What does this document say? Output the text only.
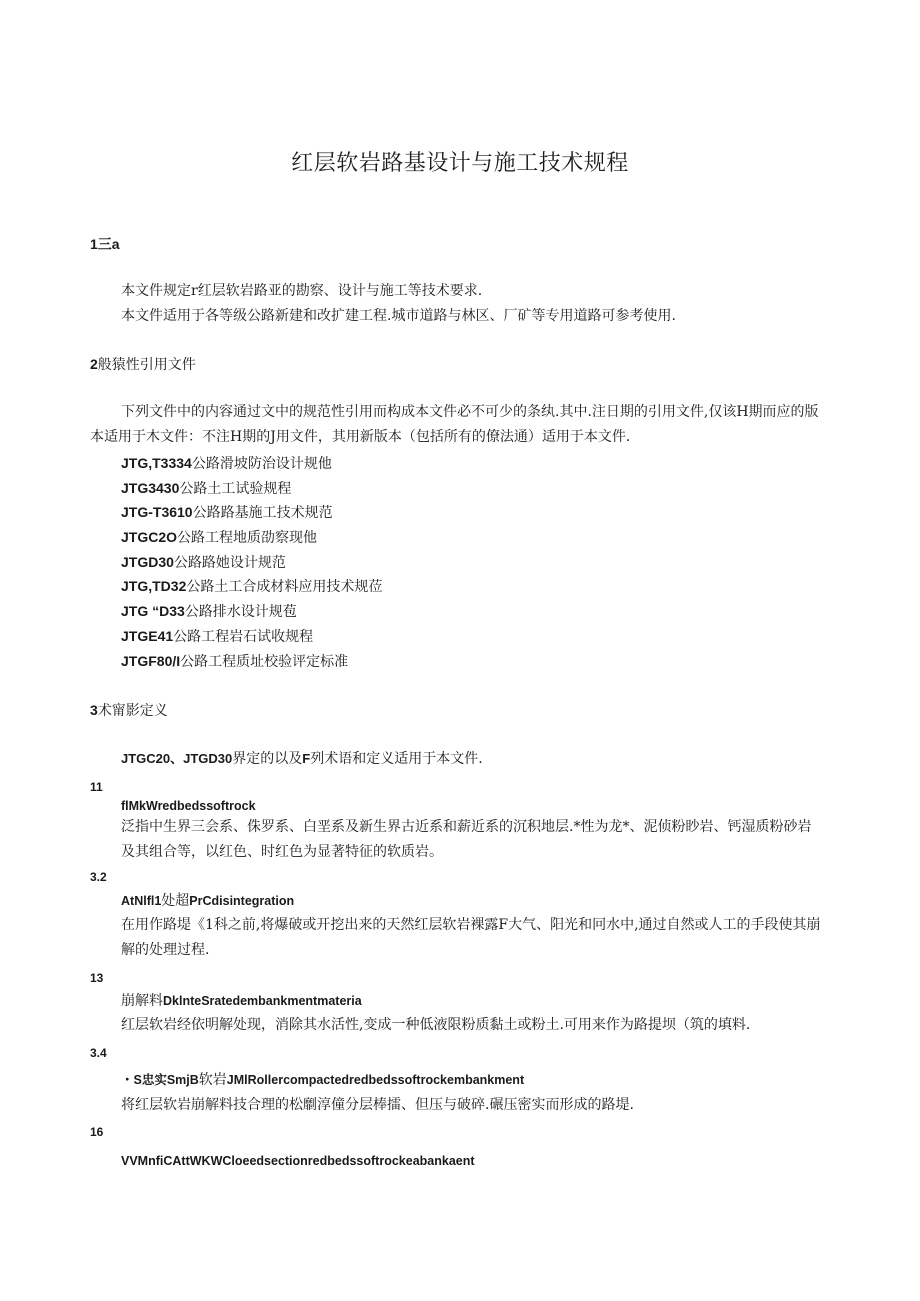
红层软岩路基设计与施工技术规程
1三a
本文件规定r红层软岩路亚的勘察、设计与施工等技术要求.
本文件适用于各等级公路新建和改扩建工程.城市道路与林区、厂矿等专用道路可参考使用.
2般猿性引用文件
下列文件中的内容通过文中的规范性引用而构成本文件必不可少的条纨.其中.注日期的引用文件,仅该H期而应的版本适用于木文件：不注H期的J用文件，其用新版本（包括所有的僚法通）适用于本文件.
JTG,T3334公路滑坡防治设计规他
JTG3430公路土工试验规程
JTG-T3610公路路基施工技术规范
JTGC2O公路工程地质劭察现他
JTGD30公路路她设计规范
JTG,TD32公路土工合成材料应用技术规莅
JTG “D33公路排水设计规苞
JTGE41公路工程岩石试收规程
JTGF80/I公路工程质址校验评定标准
3术甯影定义
JTGC20、JTGD30界定的以及F列术语和定义适用于本文件.
11
flMkWredbedssoftrock
泛指中生界三会系、侏罗系、白垩系及新生界古近系和薪近系的沉积地层.*性为龙*、泥侦粉眇岩、钙湿质粉砂岩及其组合等，以红色、时红色为显著特征的软质岩。
3.2
AtNlfl1处超PrCdisintegration
在用作路堤《1科之前,将爆破或开挖出来的天然红层软岩裸露F大气、阳光和冋水中,通过自然或人工的手段使其崩解的处理过程.
13
崩解料DklnteSratedembankmentmateria
红层软岩经依明解处现，消除其水活性,变成一种低液限粉质黏土或粉土.可用来作为路提坝（筑的填料.
3.4
・S忠实SmjB软岩JMlRollercompactedredbedssoftrockembankment
将红层软岩崩解料技合理的松劘淳僮分层棒擂、但压与破碎.碾压密实而形成的路堤.
16
VVMnfiCAttWKWCloeedsectionredbedssoftrockeabankaent
